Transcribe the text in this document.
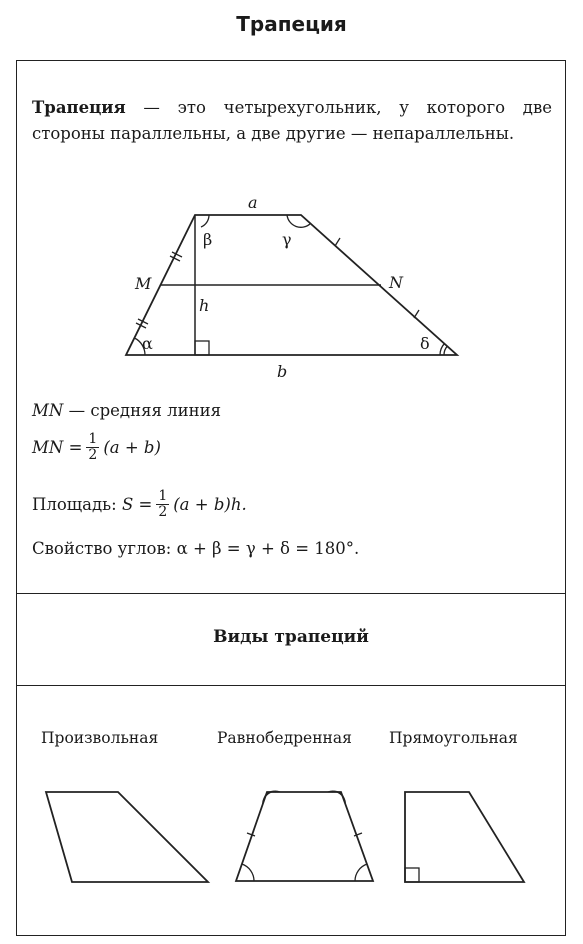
Трапеция

Трапеция — это четырехугольник, у которого две стороны параллельны, а две другие — непараллельны.

a
b
h
M	N
α
β	γ
δ
MN
— средняя линия
MN
= $\frac{1}{2} (a + b)$
Площадь:
S
= $\frac{1}{2} (a + b)h$.
Свойство углов:
α + β = γ + δ = 180°.
Виды трапеций
Произвольная	Равнобедренная Прямоугольная
